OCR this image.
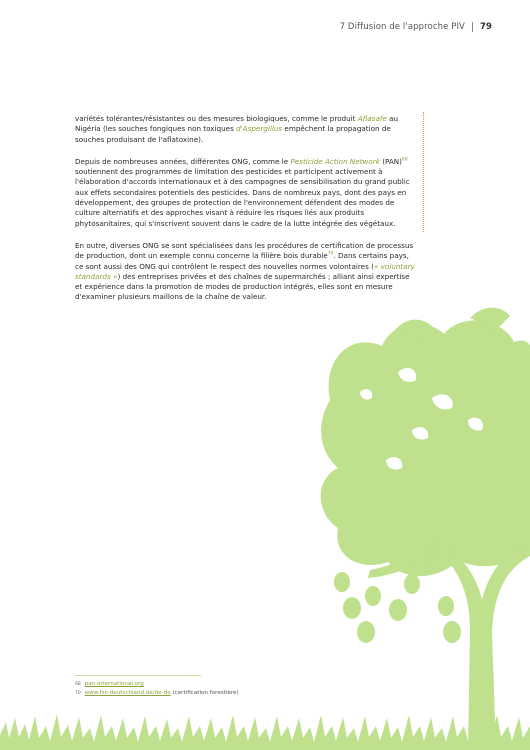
7 Diffusion de l'approche PIV 79

variétés tolérantes/résistantes ou des mesures biologiques, comme le produit Aflasafe au Nigéria (les souches fongiques non toxiques d'Aspergillus empêchent la propagation de souches produisant de l'aflatoxine).

Depuis de nombreuses années, différentes ONG, comme le Pesticide Action Network (PAN)$^{68}$ soutiennent des programmes de limitation des pesticides et participent activement à l'élaboration d'accords internationaux et à des campagnes de sensibilisation du grand public aux effets secondaires potentiels des pesticides. Dans de nombreux pays, dont des pays en développement, des groupes de protection de l'environnement défendent des modes de culture alternatifs et des approches visant à réduire les risques liés aux produits phytosanitaires, qui s'inscrivent souvent dans le cadre de la lutte intégrée des végétaux.

En outre, diverses ONG se sont spécialisées dans les procédures de certification de processus de production, dont un exemple connu concerne la filière bois durable$^{70}$. Dans certains pays, ce sont aussi des ONG qui contrôlent le respect des nouvelles normes volontaires (« voluntary standards ») des entreprises privées et des chaînes de supermarchés ; alliant ainsi expertise et expérience dans la promotion de modes de production intégrés, elles sont en mesure d'examiner plusieurs maillons de la chaîne de valeur.

68 pan-international.org
70 www.fsc-deutschland.de/de-de (certification forestière)
